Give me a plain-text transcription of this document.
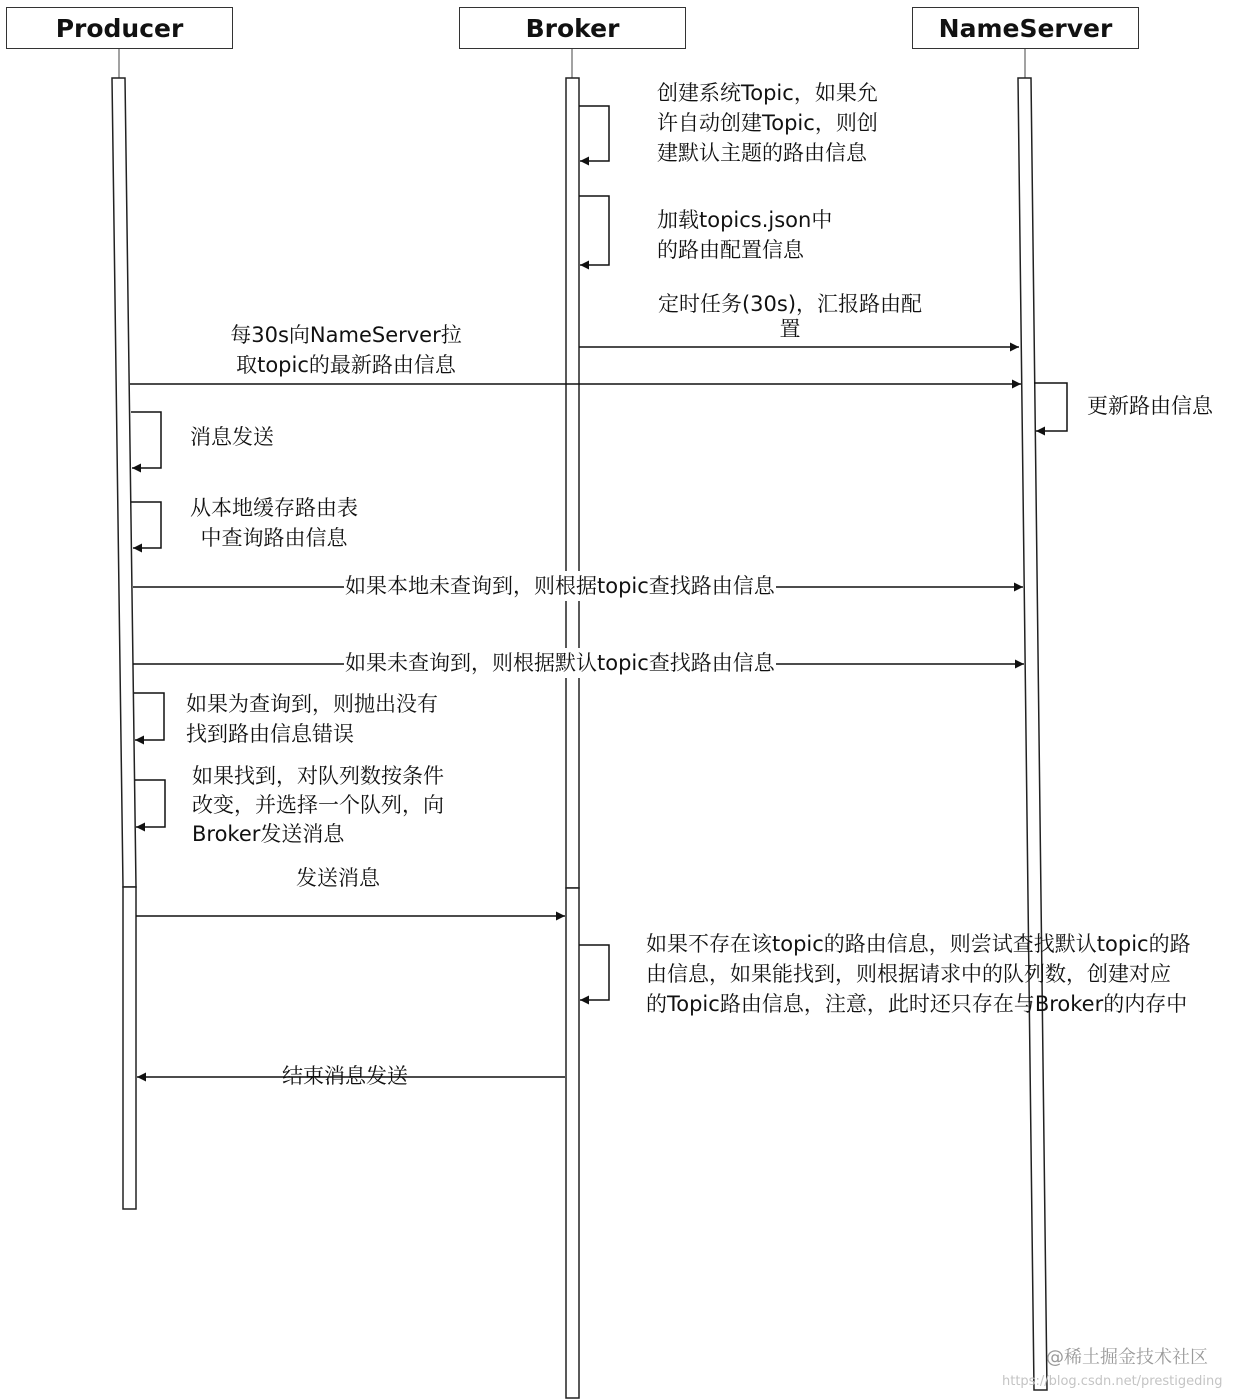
Producer	Broker	NameServer
创建系统Topic，如果允
许自动创建Topic，则创
建默认主题的路由信息
加载topics.json中
的路由配置信息
定时任务(30s)，汇报路由配
置
每30s向NameServer拉
取topic的最新路由信息
更新路由信息
消息发送
从本地缓存路由表
中查询路由信息
如果本地未查询到，则根据topic查找路由信息
如果未查询到，则根据默认topic查找路由信息
如果为查询到，则抛出没有
找到路由信息错误
如果找到，对队列数按条件
改变，并选择一个队列，向
Broker发送消息
发送消息
如果不存在该topic的路由信息，则尝试查找默认topic的路
由信息，如果能找到，则根据请求中的队列数，创建对应
的Topic路由信息，注意，此时还只存在与Broker的内存中
结束消息发送
@稀土掘金技术社区
https://blog.csdn.net/prestigeding
